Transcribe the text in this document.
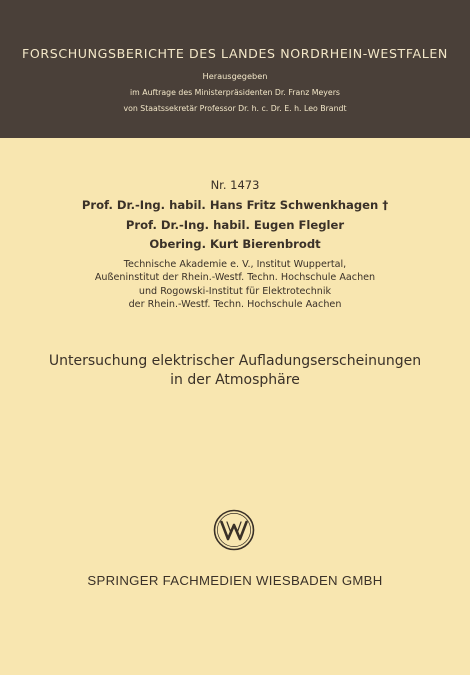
FORSCHUNGSBERICHTE DES LANDES NORDRHEIN-WESTFALEN
Herausgegeben
im Auftrage des Ministerpräsidenten Dr. Franz Meyers
von Staatssekretär Professor Dr. h. c. Dr. E. h. Leo Brandt
Nr. 1473
Prof. Dr.-Ing. habil. Hans Fritz Schwenkhagen †
Prof. Dr.-Ing. habil. Eugen Flegler
Obering. Kurt Bierenbrodt
Technische Akademie e. V., Institut Wuppertal,
Außeninstitut der Rhein.-Westf. Techn. Hochschule Aachen
und Rogowski-Institut für Elektrotechnik
der Rhein.-Westf. Techn. Hochschule Aachen
Untersuchung elektrischer Aufladungserscheinungen
in der Atmosphäre
SPRINGER FACHMEDIEN WIESBADEN GMBH
